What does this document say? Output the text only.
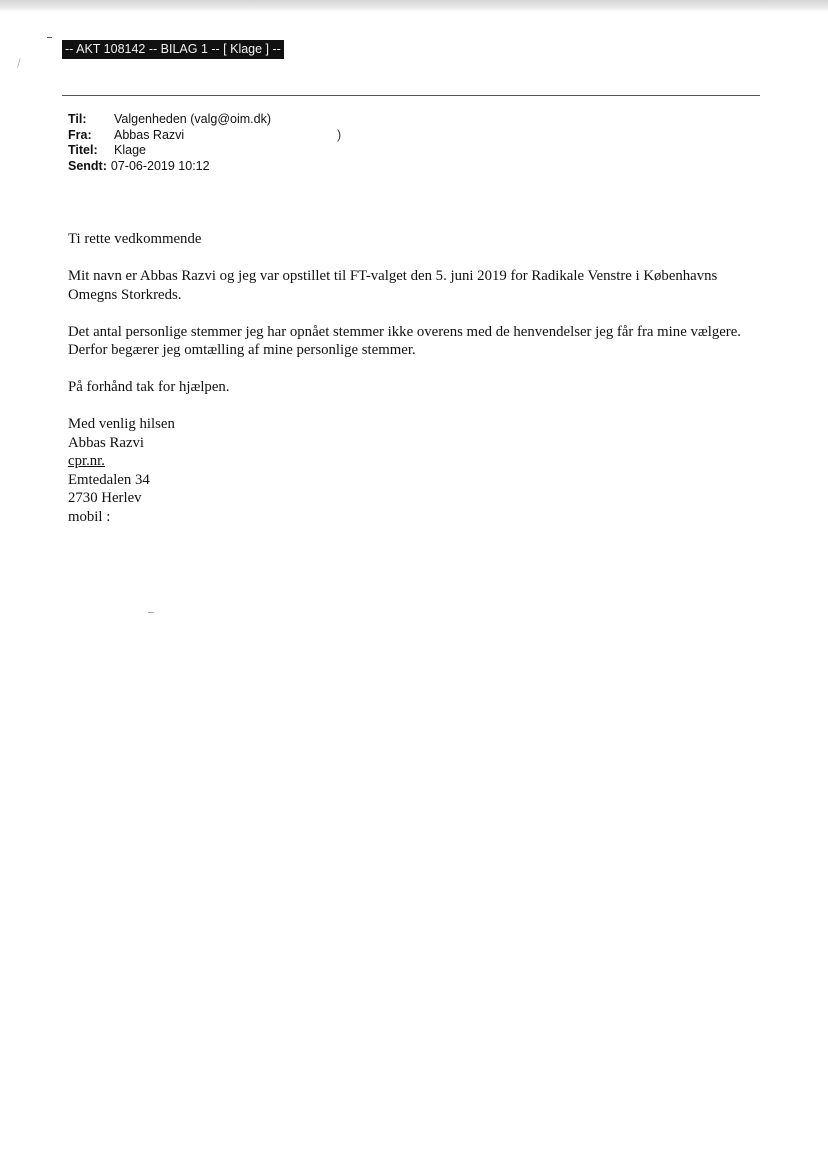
⁄
-- AKT 108142 -- BILAG 1 -- [ Klage ] --
Til:	Valgenheden (valg@oim.dk)
Fra:	Abbas Razvi
Titel:	Klage
Sendt: 07-06-2019 10:12
)

Ti rette vedkommende

Mit navn er Abbas Razvi og jeg var opstillet til FT-valget den 5. juni 2019 for Radikale Venstre i Københavns Omegns Storkreds.

Det antal personlige stemmer jeg har opnået stemmer ikke overens med de henvendelser jeg får fra mine vælgere. Derfor begærer jeg omtælling af mine personlige stemmer.

På forhånd tak for hjælpen.

Med venlig hilsen
Abbas Razvi
cpr.nr.
Emtedalen 34
2730 Herlev
mobil :
